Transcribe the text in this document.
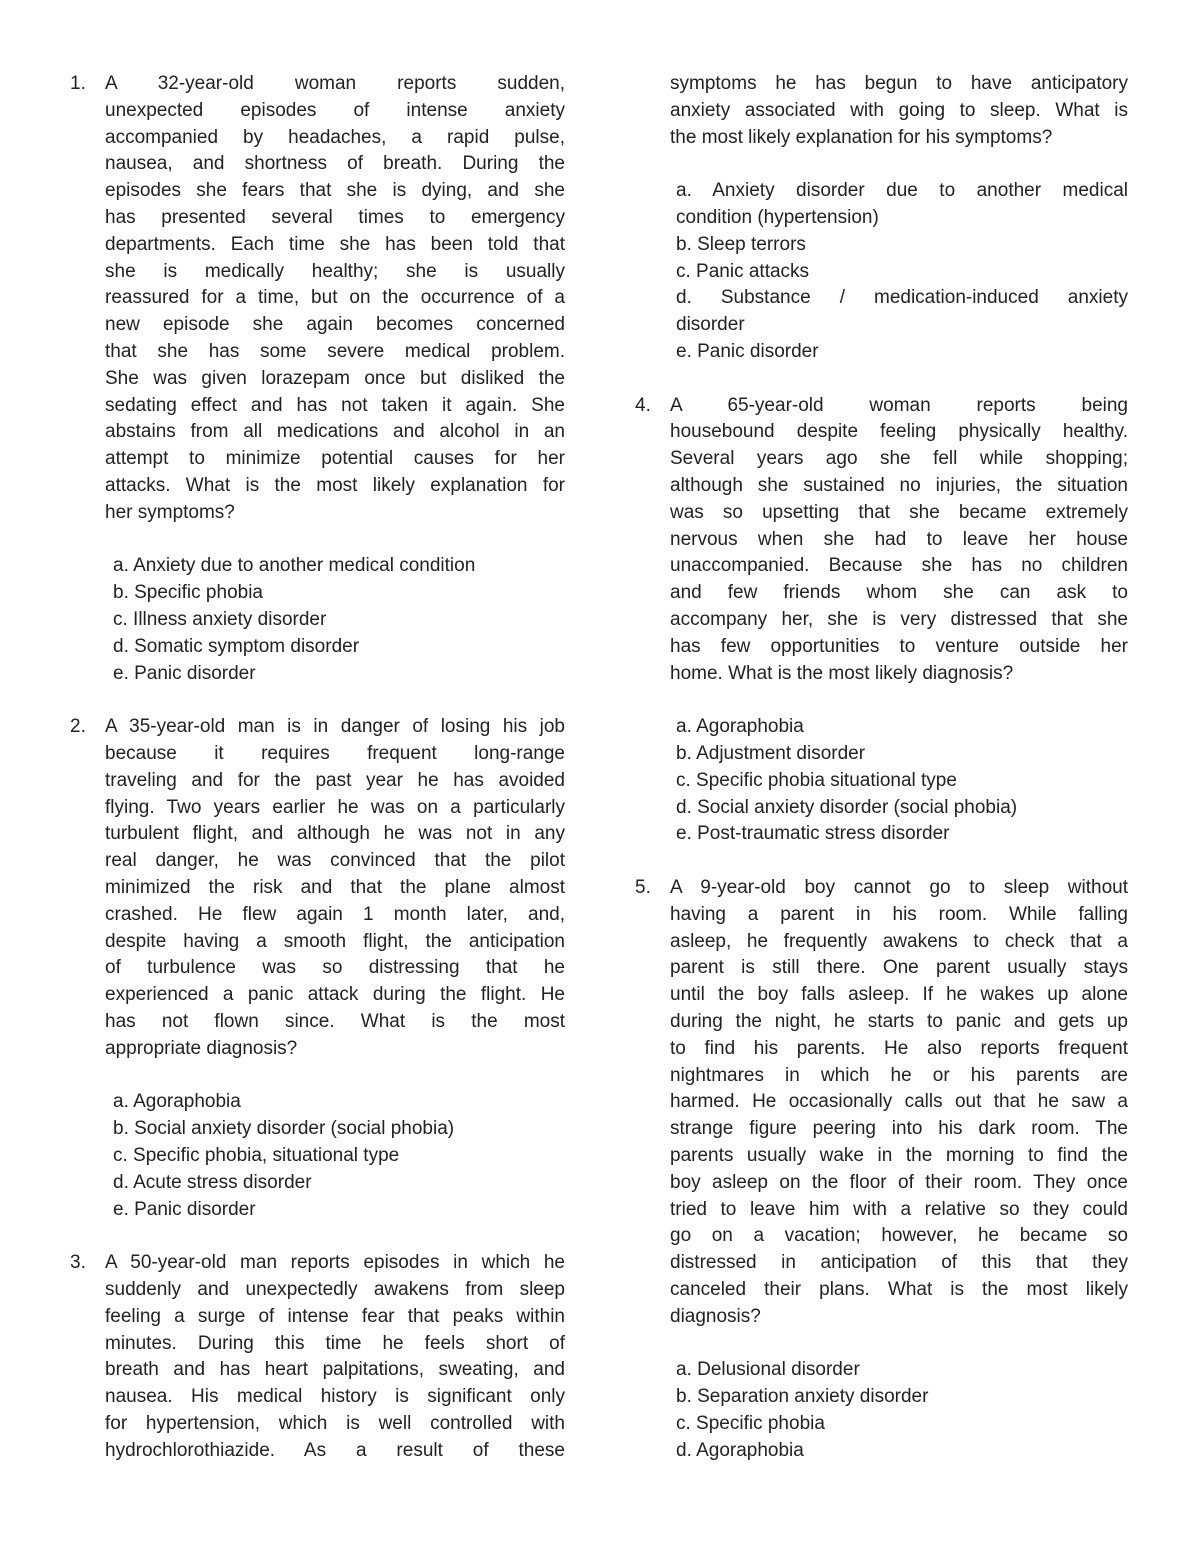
1. A 32-year-old woman reports sudden,
unexpected episodes of intense anxiety
accompanied by headaches, a rapid pulse,
nausea, and shortness of breath. During the
episodes she fears that she is dying, and she
has presented several times to emergency
departments. Each time she has been told that
she is medically healthy; she is usually
reassured for a time, but on the occurrence of a
new episode she again becomes concerned
that she has some severe medical problem.
She was given lorazepam once but disliked the
sedating effect and has not taken it again. She
abstains from all medications and alcohol in an
attempt to minimize potential causes for her
attacks. What is the most likely explanation for
her symptoms?
a. Anxiety due to another medical condition
b. Specific phobia
c. Illness anxiety disorder
d. Somatic symptom disorder
e. Panic disorder
2. A 35-year-old man is in danger of losing his job
because it requires frequent long-range
traveling and for the past year he has avoided
flying. Two years earlier he was on a particularly
turbulent flight, and although he was not in any
real danger, he was convinced that the pilot
minimized the risk and that the plane almost
crashed. He flew again 1 month later, and,
despite having a smooth flight, the anticipation
of turbulence was so distressing that he
experienced a panic attack during the flight. He
has not flown since. What is the most
appropriate diagnosis?
a. Agoraphobia
b. Social anxiety disorder (social phobia)
c. Specific phobia, situational type
d. Acute stress disorder
e. Panic disorder
3. A 50-year-old man reports episodes in which he
suddenly and unexpectedly awakens from sleep
feeling a surge of intense fear that peaks within
minutes. During this time he feels short of
breath and has heart palpitations, sweating, and
nausea. His medical history is significant only
for hypertension, which is well controlled with
hydrochlorothiazide. As a result of these
symptoms he has begun to have anticipatory
anxiety associated with going to sleep. What is
the most likely explanation for his symptoms?
a. Anxiety disorder due to another medical
condition (hypertension)
b. Sleep terrors
c. Panic attacks
d. Substance / medication-induced anxiety
disorder
e. Panic disorder
4. A 65-year-old woman reports being
housebound despite feeling physically healthy.
Several years ago she fell while shopping;
although she sustained no injuries, the situation
was so upsetting that she became extremely
nervous when she had to leave her house
unaccompanied. Because she has no children
and few friends whom she can ask to
accompany her, she is very distressed that she
has few opportunities to venture outside her
home. What is the most likely diagnosis?
a. Agoraphobia
b. Adjustment disorder
c. Specific phobia situational type
d. Social anxiety disorder (social phobia)
e. Post-traumatic stress disorder
5. A 9-year-old boy cannot go to sleep without
having a parent in his room. While falling
asleep, he frequently awakens to check that a
parent is still there. One parent usually stays
until the boy falls asleep. If he wakes up alone
during the night, he starts to panic and gets up
to find his parents. He also reports frequent
nightmares in which he or his parents are
harmed. He occasionally calls out that he saw a
strange figure peering into his dark room. The
parents usually wake in the morning to find the
boy asleep on the floor of their room. They once
tried to leave him with a relative so they could
go on a vacation; however, he became so
distressed in anticipation of this that they
canceled their plans. What is the most likely
diagnosis?
a. Delusional disorder
b. Separation anxiety disorder
c. Specific phobia
d. Agoraphobia
